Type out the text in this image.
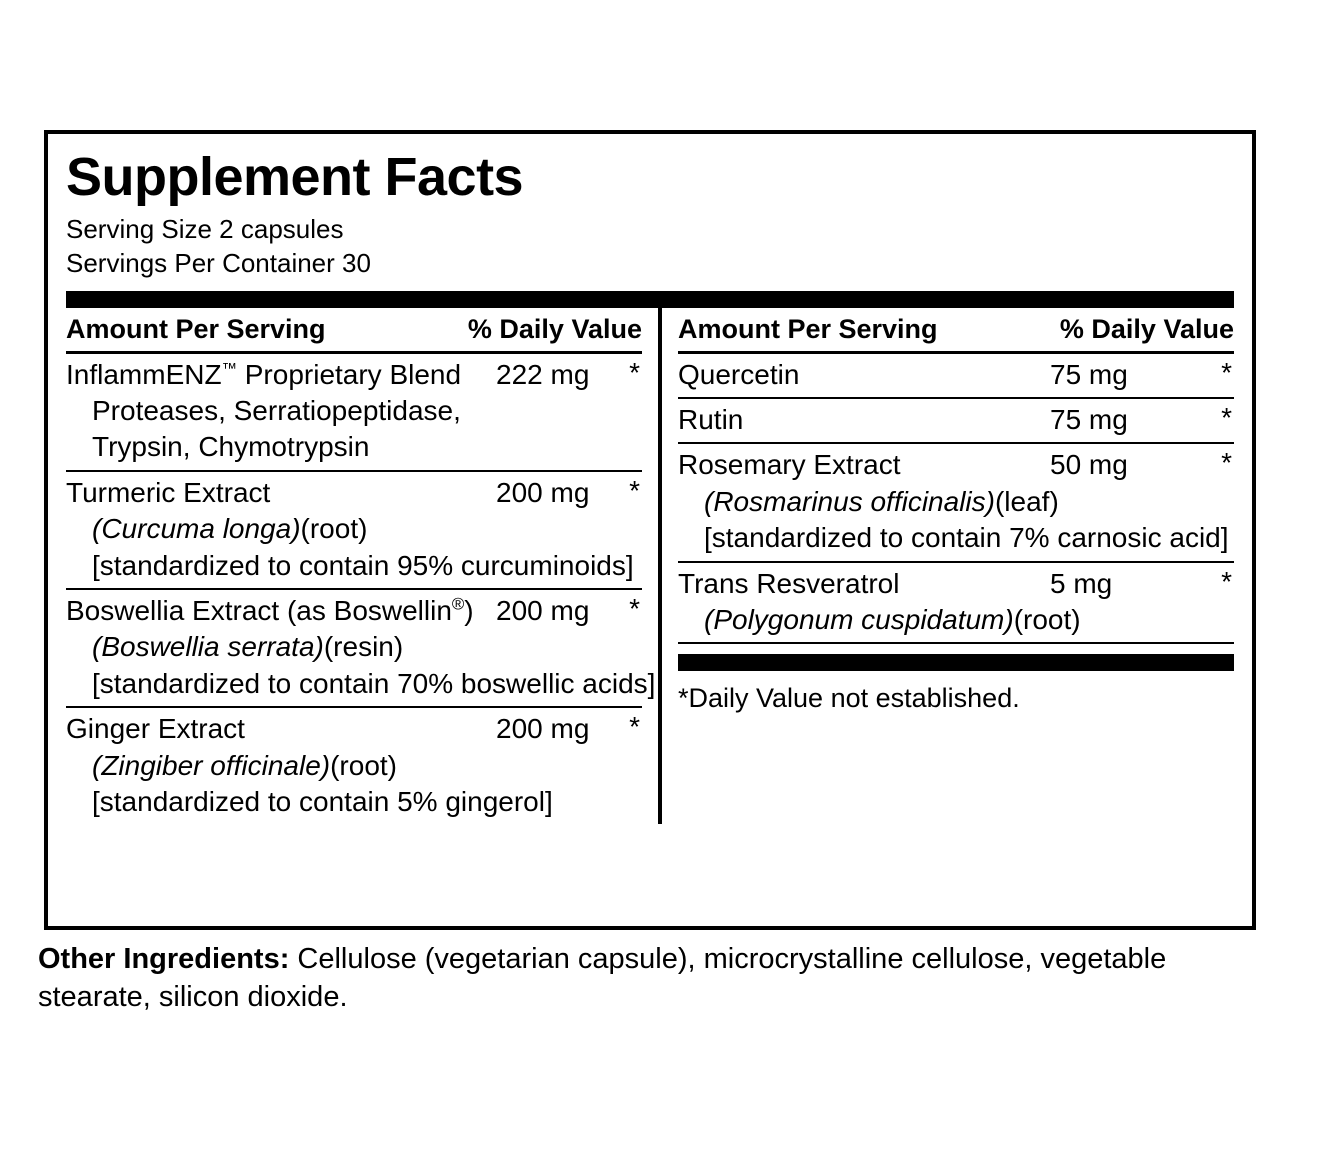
Supplement Facts
Serving Size 2 capsules
Servings Per Container 30
Amount Per Serving	% Daily Value
InflammENZ™ Proprietary Blend 222 mg *
Proteases, Serratiopeptidase,
Trypsin, Chymotrypsin
Turmeric Extract	200 mg *
(Curcuma longa)(root)
[standardized to contain 95% curcuminoids]
Boswellia Extract (as Boswellin®) 200 mg *
(Boswellia serrata)(resin)
[standardized to contain 70% boswellic acids]
Ginger Extract	200 mg *
(Zingiber officinale)(root)
[standardized to contain 5% gingerol]
Amount Per Serving	% Daily Value
Quercetin	75 mg	*
Rutin	75 mg	*
Rosemary Extract	50 mg	*
(Rosmarinus officinalis)(leaf)
[standardized to contain 7% carnosic acid]
Trans Resveratrol	5 mg	*
(Polygonum cuspidatum)(root)
*Daily Value not established.
Other Ingredients: Cellulose (vegetarian capsule), microcrystalline cellulose, vegetable stearate, silicon dioxide.
